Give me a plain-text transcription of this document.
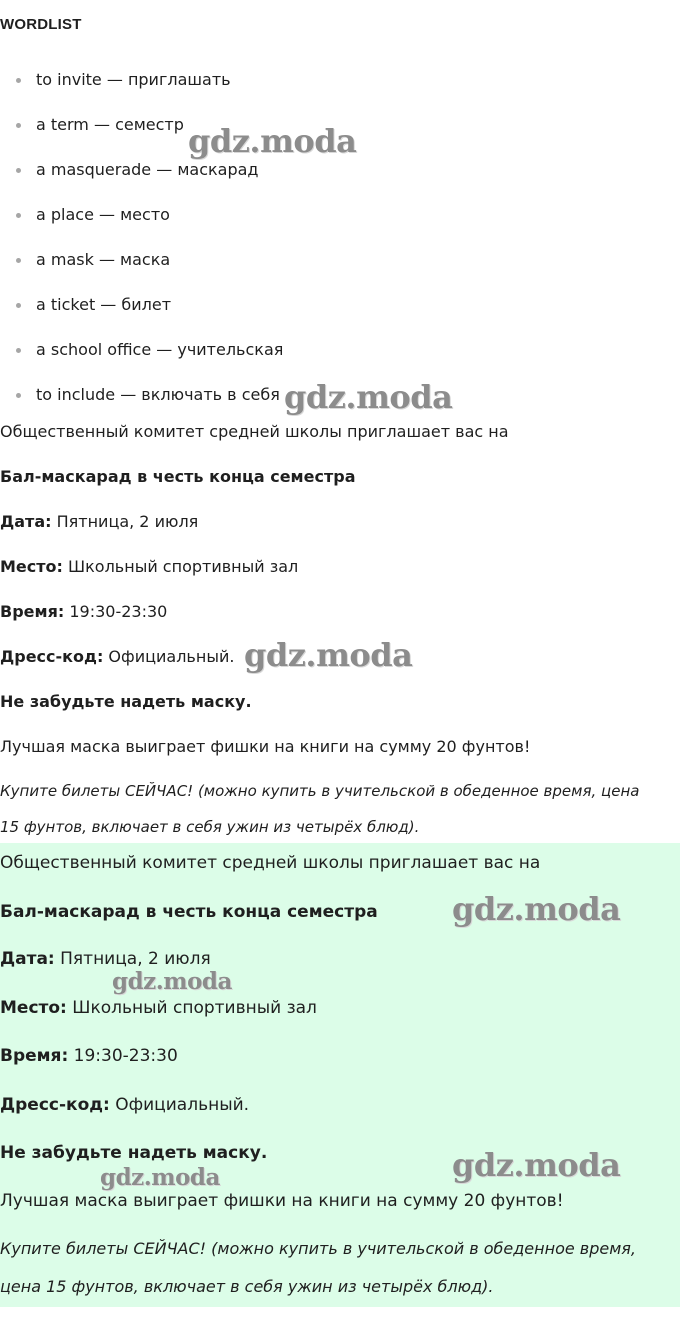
WORDLIST
to invite — приглашать
a term — семестр
a masquerade — маскарад
a place — место
a mask — маска
a ticket — билет
a school office — учительская
to include — включать в себя
Общественный комитет средней школы приглашает вас на
Бал-маскарад в честь конца семестра
Дата: Пятница, 2 июля
Место: Школьный спортивный зал
Время: 19:30-23:30
Дресс-код: Официальный.
Не забудьте надеть маску.
Лучшая маска выиграет фишки на книги на сумму 20 фунтов!
Купите билеты СЕЙЧАС! (можно купить в учительской в обеденное время, цена
15 фунтов, включает в себя ужин из четырёх блюд).
Общественный комитет средней школы приглашает вас на
Бал-маскарад в честь конца семестра
Дата: Пятница, 2 июля
Место: Школьный спортивный зал
Время: 19:30-23:30
Дресс-код: Официальный.
Не забудьте надеть маску.
Лучшая маска выиграет фишки на книги на сумму 20 фунтов!
Купите билеты СЕЙЧАС! (можно купить в учительской в обеденное время,
цена 15 фунтов, включает в себя ужин из четырёх блюд).
gdz.moda
gdz.moda
gdz.moda
gdz.moda
gdz.moda
gdz.moda
gdz.moda
